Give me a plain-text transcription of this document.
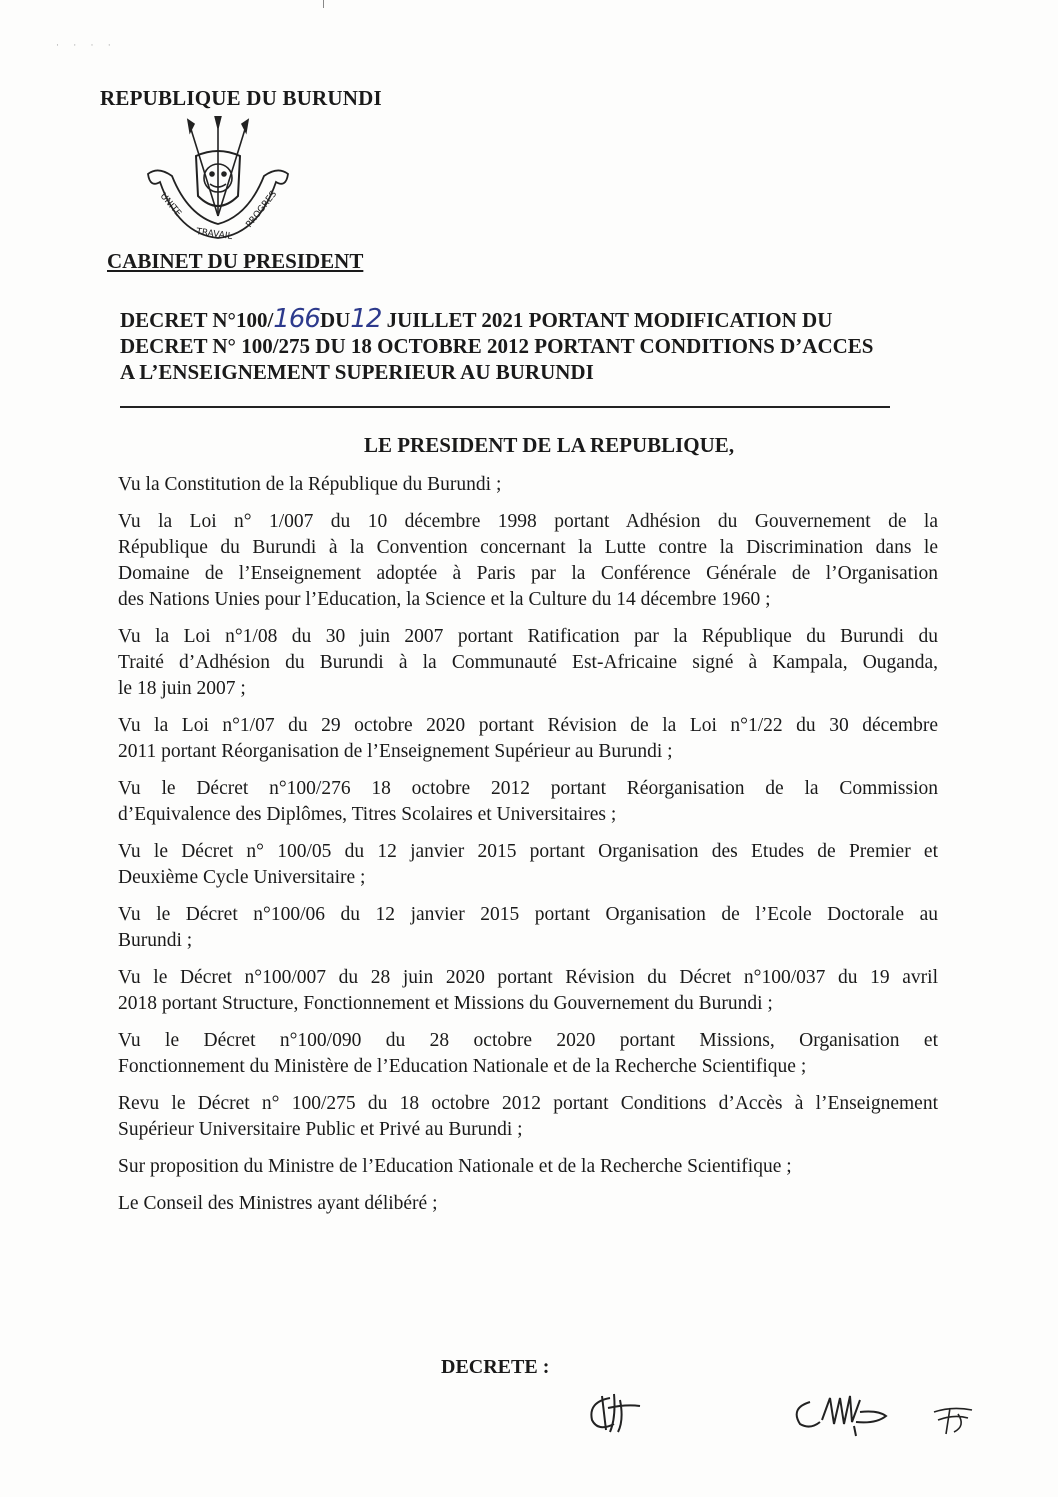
· · · ·
REPUBLIQUE DU BURUNDI
UNITE
TRAVAIL
PROGRES
CABINET DU PRESIDENT
DECRET N°100/166DU12 JUILLET 2021 PORTANT MODIFICATION DU
DECRET N° 100/275 DU 18 OCTOBRE 2012 PORTANT CONDITIONS D’ACCES
A L’ENSEIGNEMENT SUPERIEUR AU BURUNDI
LE PRESIDENT DE LA REPUBLIQUE,
Vu la Constitution de la République du Burundi ;
Vu la Loi n° 1/007 du 10 décembre 1998 portant Adhésion du Gouvernement de la
République du Burundi à la Convention concernant la Lutte contre la Discrimination dans le
Domaine de l’Enseignement adoptée à Paris par la Conférence Générale de l’Organisation
des Nations Unies pour l’Education, la Science et la Culture du 14 décembre 1960 ;
Vu la Loi n°1/08 du 30 juin 2007 portant Ratification par la République du Burundi du
Traité d’Adhésion du Burundi à la Communauté Est-Africaine signé à Kampala, Ouganda,
le 18 juin 2007 ;
Vu la Loi n°1/07 du 29 octobre 2020 portant Révision de la Loi n°1/22 du 30 décembre
2011 portant Réorganisation de l’Enseignement Supérieur au Burundi ;
Vu le Décret n°100/276 18 octobre 2012 portant Réorganisation de la Commission
d’Equivalence des Diplômes, Titres Scolaires et Universitaires ;
Vu le Décret n° 100/05 du 12 janvier 2015 portant Organisation des Etudes de Premier et
Deuxième Cycle Universitaire ;
Vu le Décret n°100/06 du 12 janvier 2015 portant Organisation de l’Ecole Doctorale au
Burundi ;
Vu le Décret n°100/007 du 28 juin 2020 portant Révision du Décret n°100/037 du 19 avril
2018 portant Structure, Fonctionnement et Missions du Gouvernement du Burundi ;
Vu le Décret n°100/090 du 28 octobre 2020 portant Missions, Organisation et
Fonctionnement du Ministère de l’Education Nationale et de la Recherche Scientifique ;
Revu le Décret n° 100/275 du 18 octobre 2012 portant Conditions d’Accès à l’Enseignement
Supérieur Universitaire Public et Privé au Burundi ;
Sur proposition du Ministre de l’Education Nationale et de la Recherche Scientifique ;
Le Conseil des Ministres ayant délibéré ;
DECRETE :
